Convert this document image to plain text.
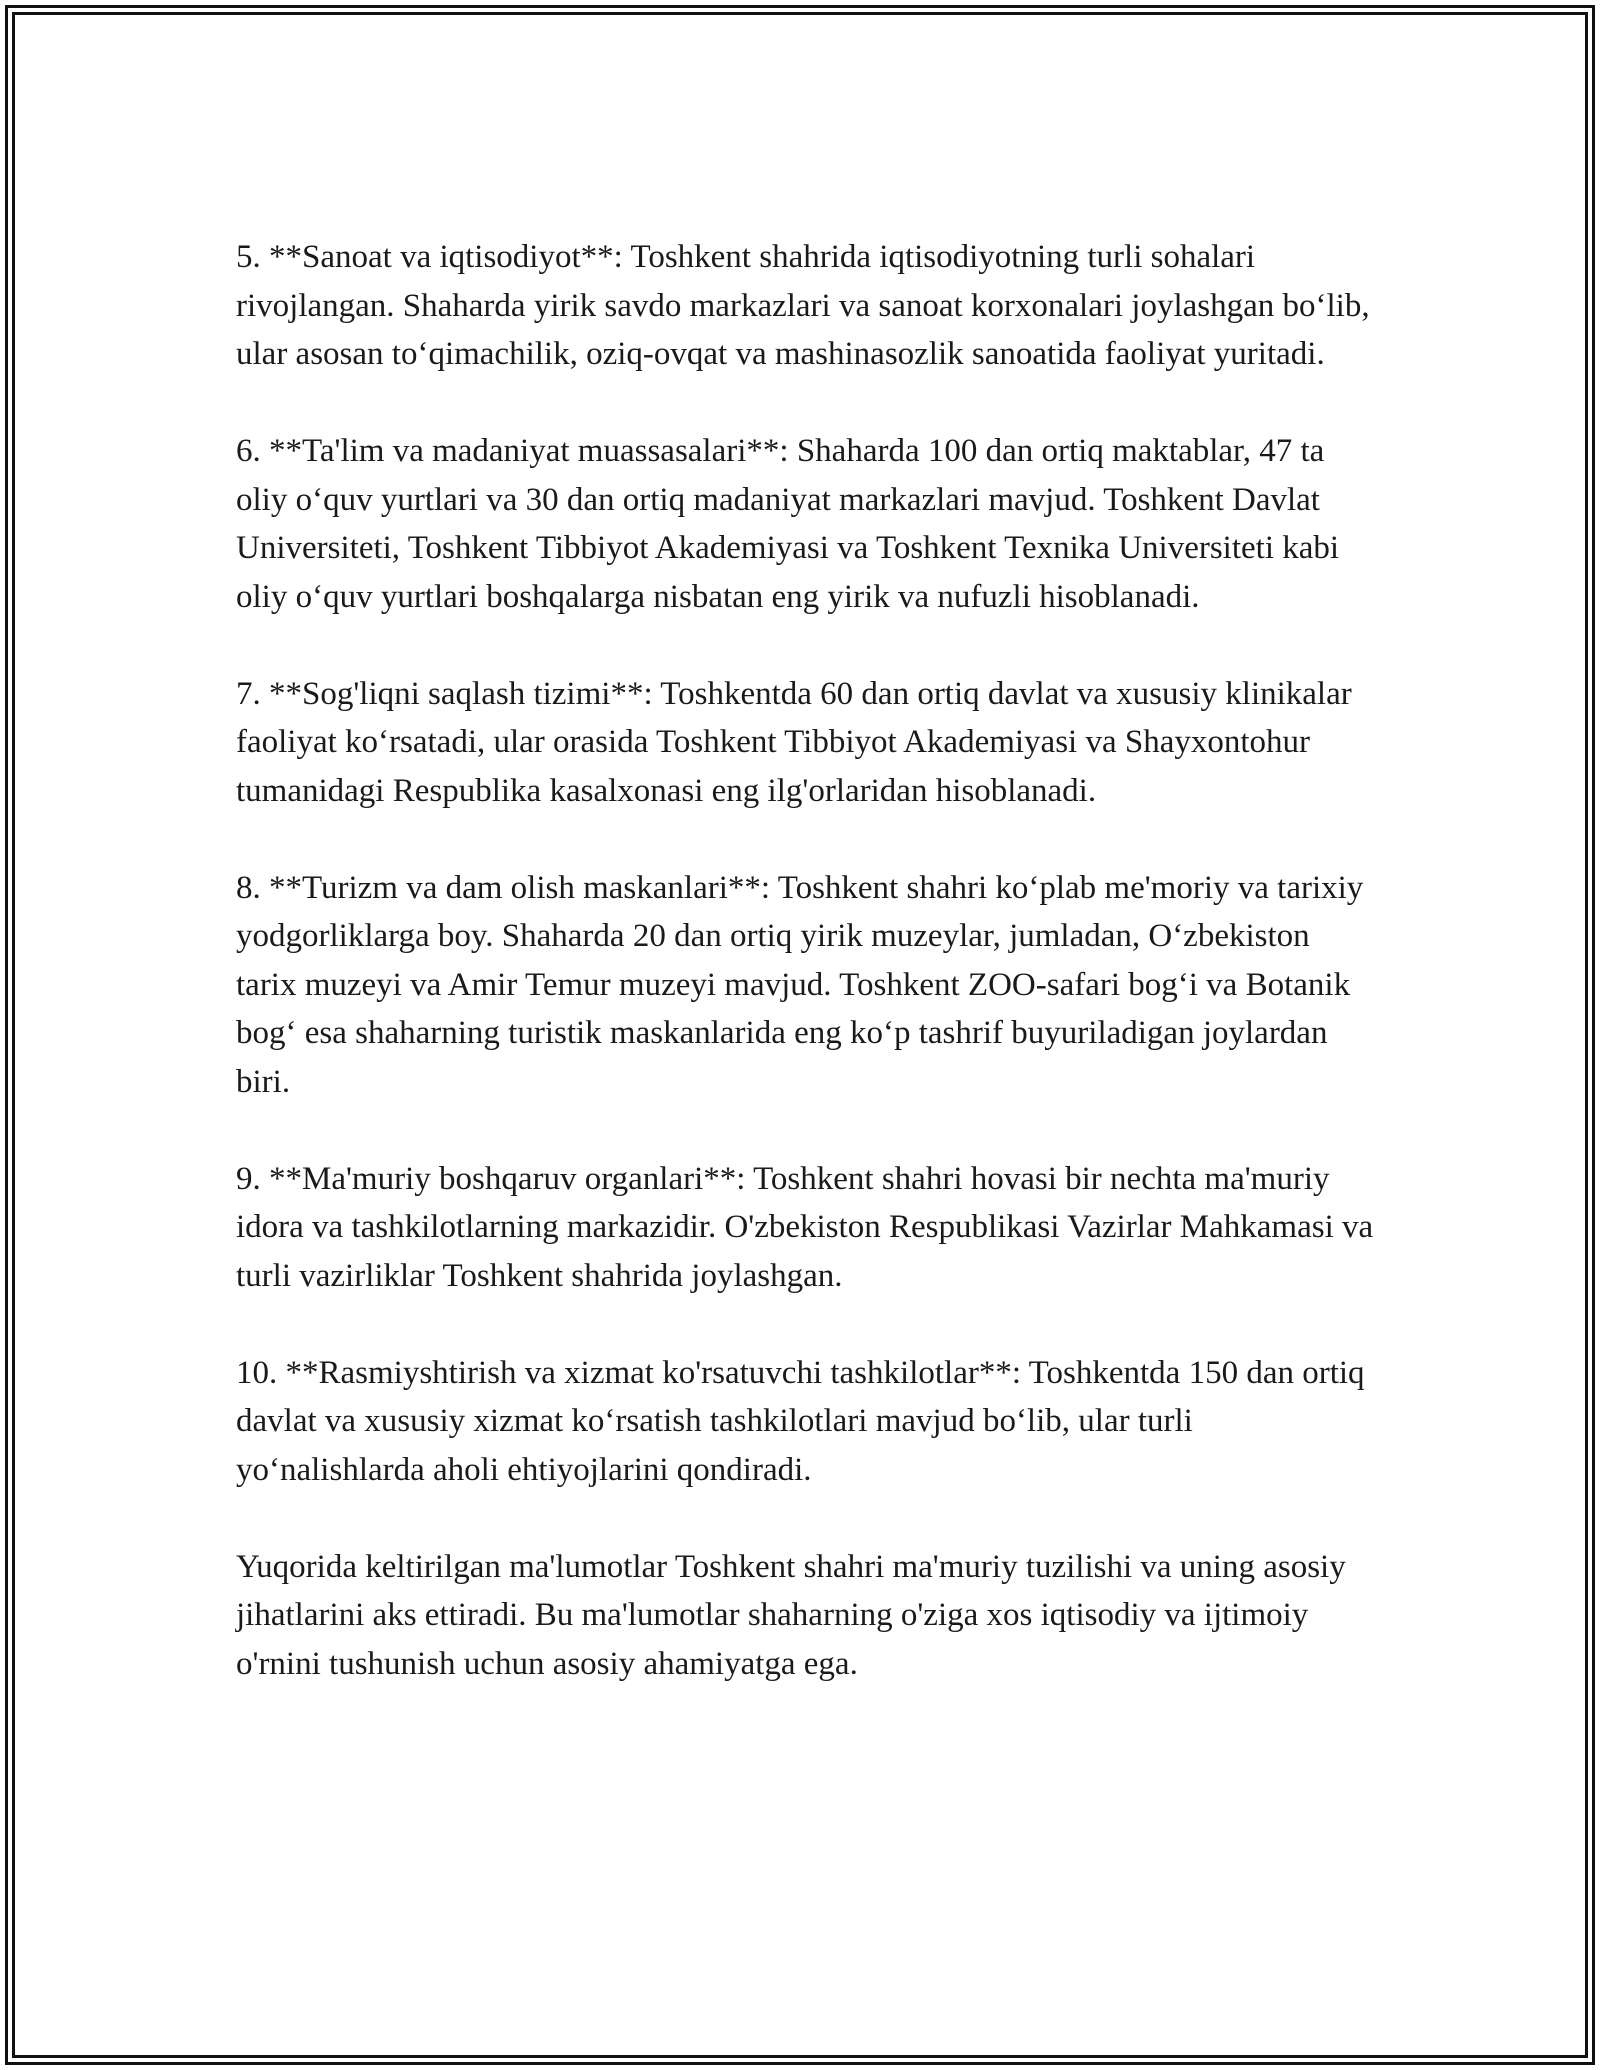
5. **Sanoat va iqtisodiyot**: Toshkent shahrida iqtisodiyotning turli sohalari rivojlangan. Shaharda yirik savdo markazlari va sanoat korxonalari joylashgan bo‘lib, ular asosan to‘qimachilik, oziq-ovqat va mashinasozlik sanoatida faoliyat yuritadi.

6. **Ta'lim va madaniyat muassasalari**: Shaharda 100 dan ortiq maktablar, 47 ta oliy o‘quv yurtlari va 30 dan ortiq madaniyat markazlari mavjud. Toshkent Davlat Universiteti, Toshkent Tibbiyot Akademiyasi va Toshkent Texnika Universiteti kabi oliy o‘quv yurtlari boshqalarga nisbatan eng yirik va nufuzli hisoblanadi.

7. **Sog'liqni saqlash tizimi**: Toshkentda 60 dan ortiq davlat va xususiy klinikalar faoliyat ko‘rsatadi, ular orasida Toshkent Tibbiyot Akademiyasi va Shayxontohur tumanidagi Respublika kasalxonasi eng ilg'orlaridan hisoblanadi.

8. **Turizm va dam olish maskanlari**: Toshkent shahri ko‘plab me'moriy va tarixiy yodgorliklarga boy. Shaharda 20 dan ortiq yirik muzeylar, jumladan, O‘zbekiston tarix muzeyi va Amir Temur muzeyi mavjud. Toshkent ZOO-safari bog‘i va Botanik bog‘ esa shaharning turistik maskanlarida eng ko‘p tashrif buyuriladigan joylardan biri.

9. **Ma'muriy boshqaruv organlari**: Toshkent shahri hovasi bir nechta ma'muriy idora va tashkilotlarning markazidir. O'zbekiston Respublikasi Vazirlar Mahkamasi va turli vazirliklar Toshkent shahrida joylashgan.

10. **Rasmiyshtirish va xizmat ko'rsatuvchi tashkilotlar**: Toshkentda 150 dan ortiq davlat va xususiy xizmat ko‘rsatish tashkilotlari mavjud bo‘lib, ular turli yo‘nalishlarda aholi ehtiyojlarini qondiradi.

Yuqorida keltirilgan ma'lumotlar Toshkent shahri ma'muriy tuzilishi va uning asosiy jihatlarini aks ettiradi. Bu ma'lumotlar shaharning o'ziga xos iqtisodiy va ijtimoiy o'rnini tushunish uchun asosiy ahamiyatga ega.
